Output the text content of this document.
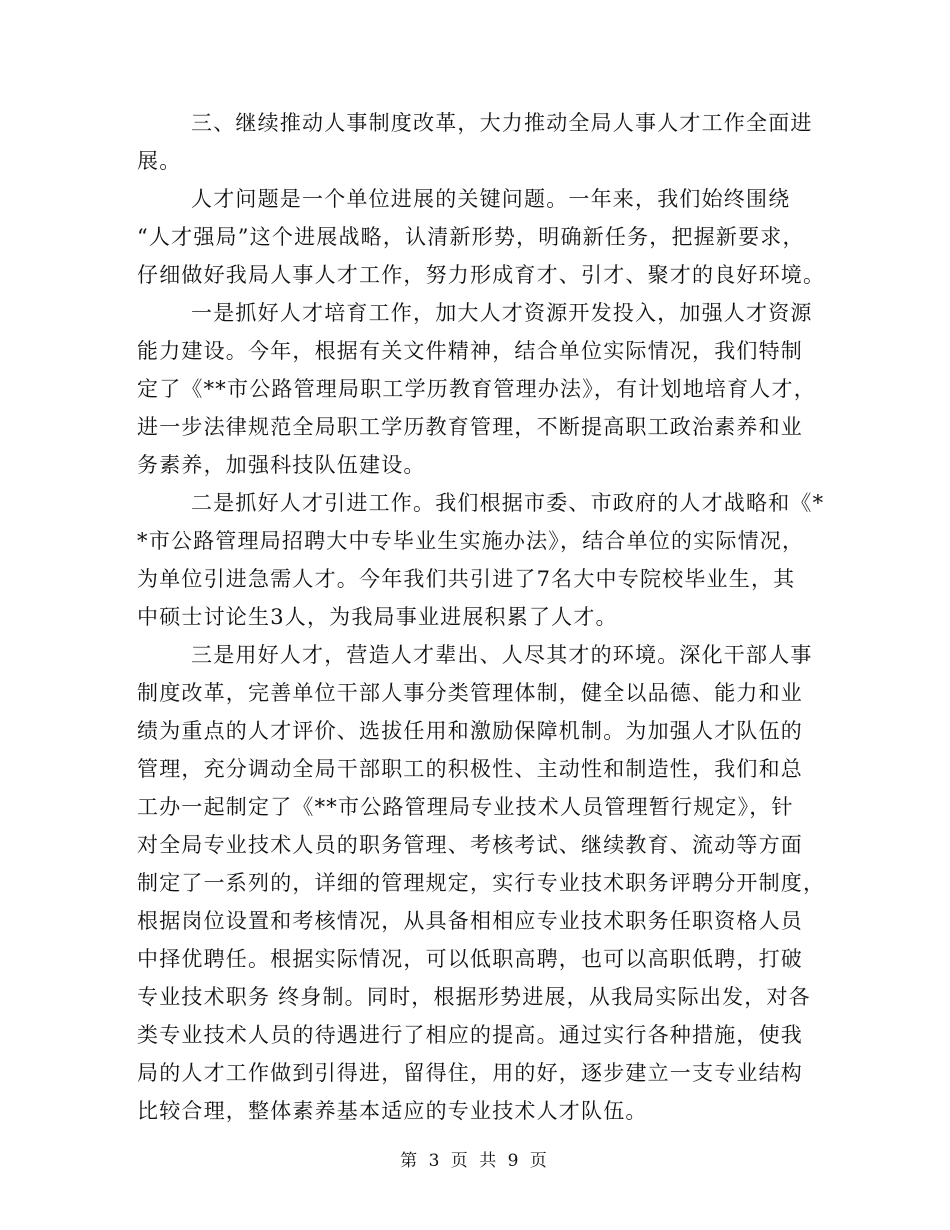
三、继续推动人事制度改革，大力推动全局人事人才工作全面进
展。
人才问题是一个单位进展的关键问题。一年来，我们始终围绕
“人才强局”这个进展战略，认清新形势，明确新任务，把握新要求，
仔细做好我局人事人才工作，努力形成育才、引才、聚才的良好环境。
一是抓好人才培育工作，加大人才资源开发投入，加强人才资源
能力建设。今年，根据有关文件精神，结合单位实际情况，我们特制
定了《**市公路管理局职工学历教育管理办法》，有计划地培育人才，
进一步法律规范全局职工学历教育管理，不断提高职工政治素养和业
务素养，加强科技队伍建设。
二是抓好人才引进工作。我们根据市委、市政府的人才战略和《*
*市公路管理局招聘大中专毕业生实施办法》，结合单位的实际情况，
为单位引进急需人才。今年我们共引进了7名大中专院校毕业生，其
中硕士讨论生3人，为我局事业进展积累了人才。
三是用好人才，营造人才辈出、人尽其才的环境。深化干部人事
制度改革，完善单位干部人事分类管理体制，健全以品德、能力和业
绩为重点的人才评价、选拔任用和激励保障机制。为加强人才队伍的
管理，充分调动全局干部职工的积极性、主动性和制造性，我们和总
工办一起制定了《**市公路管理局专业技术人员管理暂行规定》，针
对全局专业技术人员的职务管理、考核考试、继续教育、流动等方面
制定了一系列的，详细的管理规定，实行专业技术职务评聘分开制度，
根据岗位设置和考核情况，从具备相相应专业技术职务任职资格人员
中择优聘任。根据实际情况，可以低职高聘，也可以高职低聘，打破
专业技术职务 终身制。同时，根据形势进展，从我局实际出发，对各
类专业技术人员的待遇进行了相应的提高。通过实行各种措施，使我
局的人才工作做到引得进，留得住，用的好，逐步建立一支专业结构
比较合理，整体素养基本适应的专业技术人才队伍。
第 3 页 共 9 页
